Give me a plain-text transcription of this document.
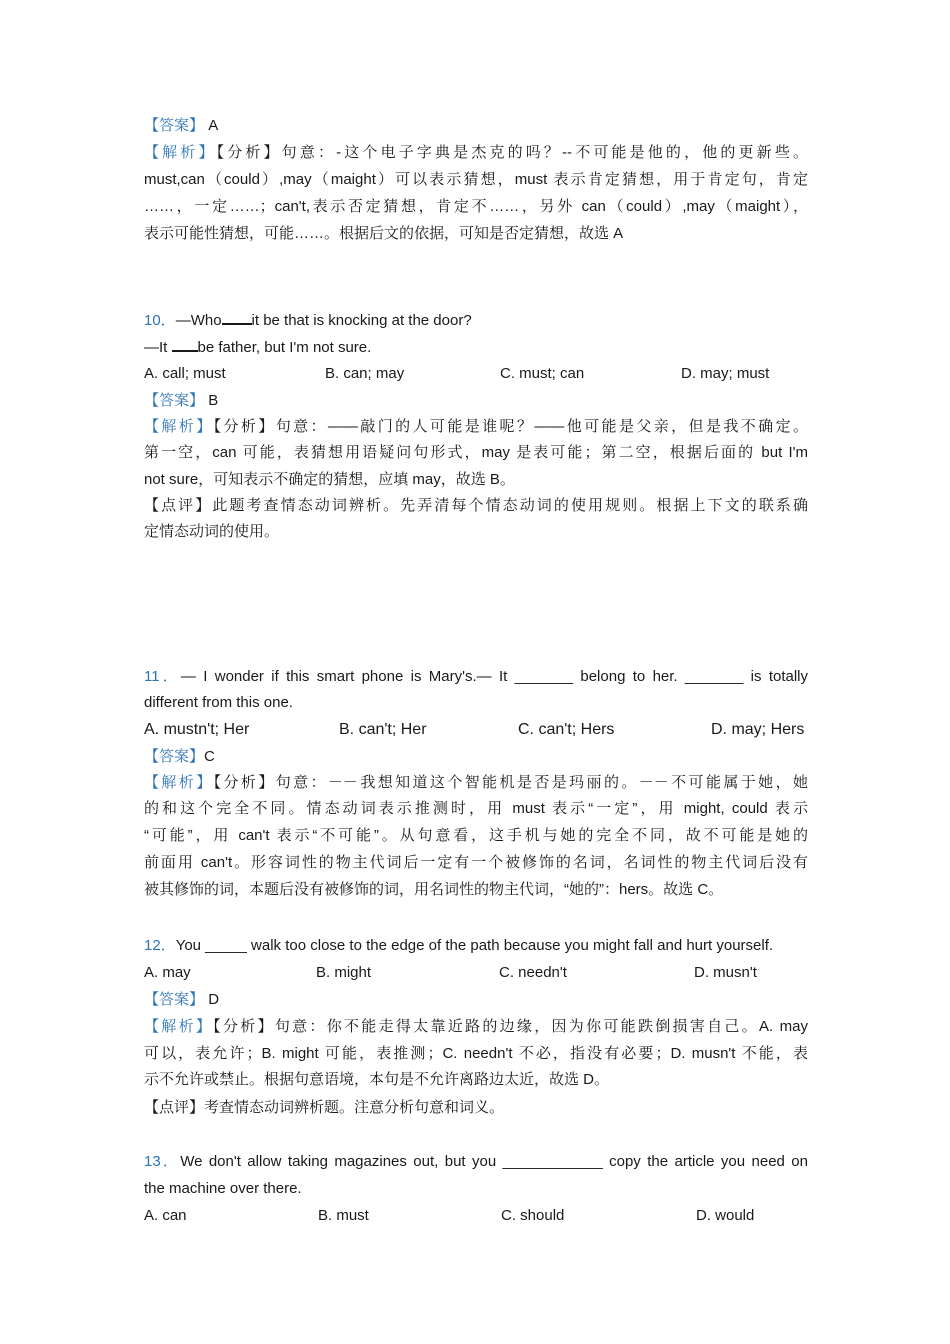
【答案】 A
【解析】【分析】句意：-这个电子字典是杰克的吗？--不可能是他的，他的更新些。
must,can（could）,may（maight）可以表示猜想，must 表示肯定猜想，用于肯定句，肯定
……，一定……；can't,表示否定猜想，肯定不……，另外 can（could）,may（maight），
表示可能性猜想，可能……。根据后文的依据，可知是否定猜想，故选 A
10．—Who it be that is knocking at the door?
—It be father, but I'm not sure.
A. call; must	B. can; may	C. must; can	D. may; must
【答案】 B
【解析】【分析】句意：——敲门的人可能是谁呢？——他可能是父亲，但是我不确定。
第一空，can 可能，表猜想用语疑问句形式，may 是表可能；第二空，根据后面的 but I'm
not sure，可知表示不确定的猜想，应填 may，故选 B。
【点评】此题考查情态动词辨析。先弄清每个情态动词的使用规则。根据上下文的联系确
定情态动词的使用。
11．— I wonder if this smart phone is Mary's.— It _______ belong to her. _______ is totally
different from this one.
A. mustn't; Her	B. can't; Her	C. can't; Hers	D. may; Hers
【答案】C
【解析】【分析】句意：－－我想知道这个智能机是否是玛丽的。－－不可能属于她，她
的和这个完全不同。情态动词表示推测时，用 must 表示“一定”，用 might, could 表示
“可能”，用 can't 表示“不可能”。从句意看，这手机与她的完全不同，故不可能是她的
前面用 can't。形容词性的物主代词后一定有一个被修饰的名词，名词性的物主代词后没有
被其修饰的词，本题后没有被修饰的词，用名词性的物主代词，“她的”：hers。故选 C。
12．You _____ walk too close to the edge of the path because you might fall and hurt yourself.
A. may	B. might	C. needn't	D. musn't
【答案】 D
【解析】【分析】句意：你不能走得太靠近路的边缘，因为你可能跌倒损害自己。A. may
可以，表允许；B. might 可能，表推测；C. needn't 不必，指没有必要；D. musn't 不能，表
示不允许或禁止。根据句意语境，本句是不允许离路边太近，故选 D。
【点评】考查情态动词辨析题。注意分析句意和词义。
13．We don't allow taking magazines out, but you ____________ copy the article you need on
the machine over there.
A. can	B. must	C. should	D. would
